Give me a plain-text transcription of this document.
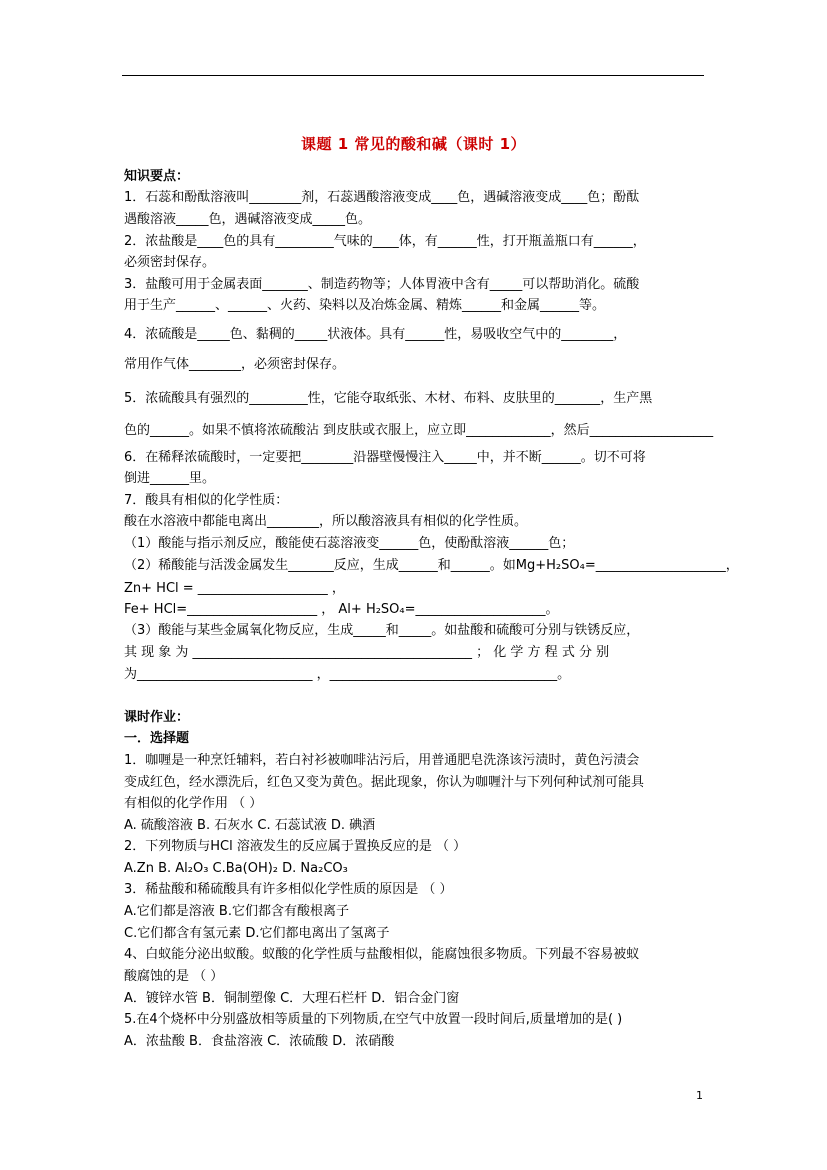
课题 1 常见的酸和碱（课时 1）
知识要点：
1．石蕊和酚酞溶液叫________剂，石蕊遇酸溶液变成____色，遇碱溶液变成____色；酚酞
遇酸溶液_____色，遇碱溶液变成_____色。
2．浓盐酸是____色的具有_________气味的____体，有______性，打开瓶盖瓶口有______，
必须密封保存。
3．盐酸可用于金属表面_______、制造药物等；人体胃液中含有_____可以帮助消化。硫酸
用于生产______、______、火药、染料以及冶炼金属、精炼______和金属______等。
4．浓硫酸是_____色、黏稠的_____状液体。具有______性，易吸收空气中的________，
常用作气体________，必须密封保存。
5．浓硫酸具有强烈的_________性，它能夺取纸张、木材、布料、皮肤里的_______，生产黑
色的______。如果不慎将浓硫酸沾 到皮肤或衣服上，应立即_____________，然后___________________
6．在稀释浓硫酸时，一定要把________沿器壁慢慢注入_____中，并不断______。切不可将
倒进______里。
7．酸具有相似的化学性质：
酸在水溶液中都能电离出________，所以酸溶液具有相似的化学性质。
（1）酸能与指示剂反应，酸能使石蕊溶液变______色，使酚酞溶液______色；
（2）稀酸能与活泼金属发生_______反应，生成______和______。如Mg+H₂SO₄=____________________，
Zn+ HCl = ____________________ ，
Fe+ HCl=____________________ ， Al+ H₂SO₄=____________________。
（3）酸能与某些金属氧化物反应，生成_____和_____。如盐酸和硫酸可分别与铁锈反应，
其 现 象 为 ___________________________________________ ； 化 学 方 程 式 分 别
为___________________________ ，___________________________________。
课时作业：
一．选择题
1．咖喱是一种烹饪辅料，若白衬衫被咖啡沾污后，用普通肥皂洗涤该污渍时，黄色污渍会
变成红色，经水漂洗后，红色又变为黄色。据此现象，你认为咖喱汁与下列何种试剂可能具
有相似的化学作用 （ ）
A. 硫酸溶液 B. 石灰水 C. 石蕊试液 D. 碘酒
2．下列物质与HCl 溶液发生的反应属于置换反应的是 （ ）
A.Zn B. Al₂O₃ C.Ba(OH)₂ D. Na₂CO₃
3．稀盐酸和稀硫酸具有许多相似化学性质的原因是 （ ）
A.它们都是溶液 B.它们都含有酸根离子
C.它们都含有氢元素 D.它们都电离出了氢离子
4、白蚁能分泌出蚁酸。蚁酸的化学性质与盐酸相似，能腐蚀很多物质。下列最不容易被蚁
酸腐蚀的是 （ ）
A．镀锌水管 B．铜制塑像 C．大理石栏杆 D．铝合金门窗
5.在4个烧杯中分别盛放相等质量的下列物质,在空气中放置一段时间后,质量增加的是( )
A．浓盐酸 B．食盐溶液 C．浓硫酸 D．浓硝酸
1
